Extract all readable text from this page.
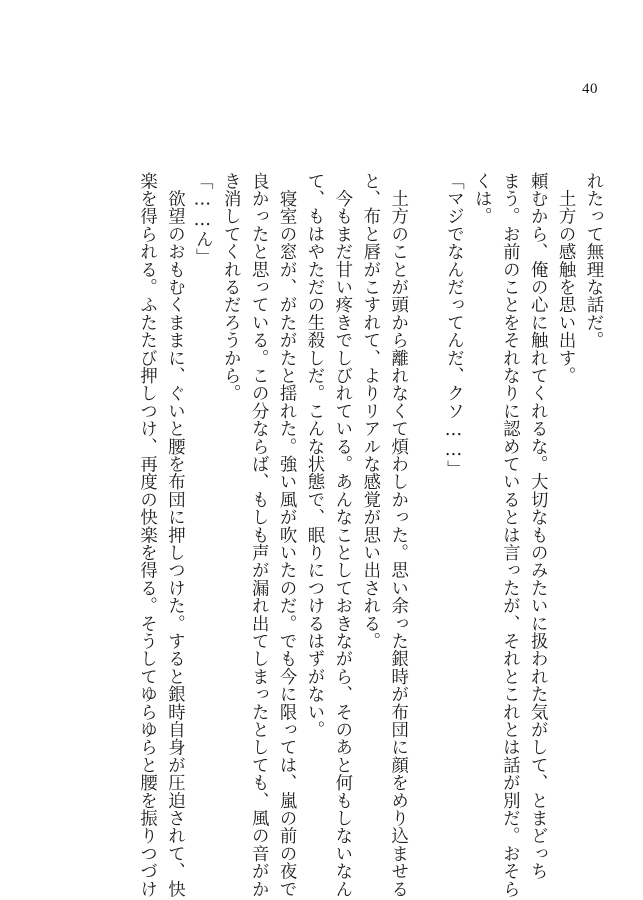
40

れたって無理な話だ。

　土方の感触を思い出す。

頼むから、俺の心に触れてくれるな。大切なものみたいに扱われた気がして、とまどっち

まう。お前のことをそれなりに認めているとは言ったが、それとこれとは話が別だ。おそら

くは。

「マジでなんだってんだ、クソ……」

　土方のことが頭から離れなくて煩わしかった。思い余った銀時が布団に顔をめり込ませる

と、布と唇がこすれて、よりリアルな感覚が思い出される。

　今もまだ甘い疼きでしびれている。あんなことしておきながら、そのあと何もしないなん

て、もはやただの生殺しだ。こんな状態で、眠りにつけるはずがない。

　寝室の窓が、がたがたと揺れた。強い風が吹いたのだ。でも今に限っては、嵐の前の夜で

良かったと思っている。この分ならば、もしも声が漏れ出てしまったとしても、風の音がか

き消してくれるだろうから。

「……ん」

　欲望のおもむくままに、ぐいと腰を布団に押しつけた。すると銀時自身が圧迫されて、快

楽を得られる。ふたたび押しつけ、再度の快楽を得る。そうしてゆらゆらと腰を振りつづけ
